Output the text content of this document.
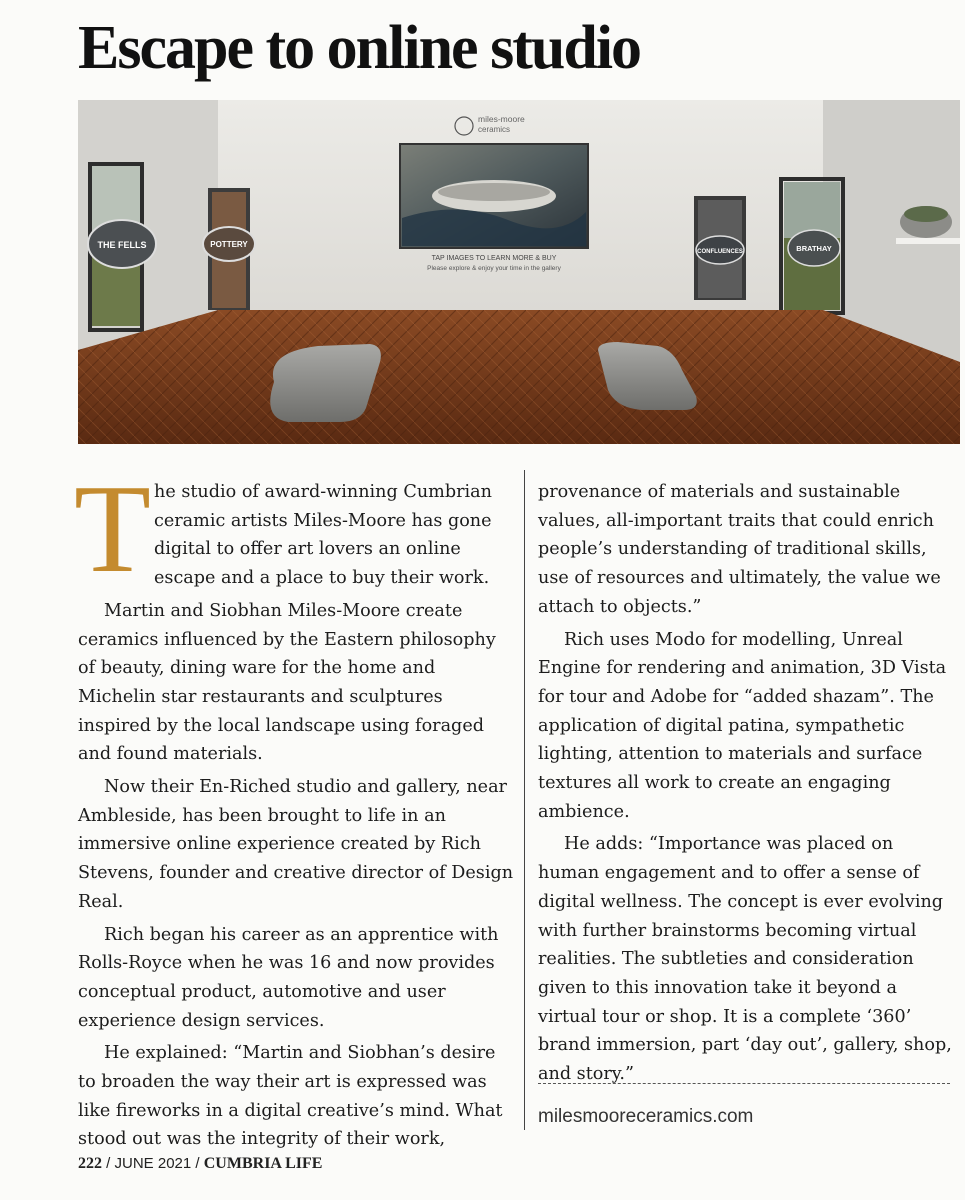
Escape to online studio
miles-moore
ceramics
TAP IMAGES TO LEARN MORE & BUY
Please explore & enjoy your time in the gallery
THE FELLS	POTTERY
CONFLUENCES	BRATHAY

The studio of award-winning Cumbrian ceramic artists Miles-Moore has gone digital to offer art lovers an online escape and a place to buy their work.

Martin and Siobhan Miles-Moore create ceramics influenced by the Eastern philosophy of beauty, dining ware for the home and Michelin star restaurants and sculptures inspired by the local landscape using foraged and found materials.

Now their En-Riched studio and gallery, near Ambleside, has been brought to life in an immersive online experience created by Rich Stevens, founder and creative director of Design Real.

Rich began his career as an apprentice with Rolls-Royce when he was 16 and now provides conceptual product, automotive and user experience design services.

He explained: “Martin and Siobhan’s desire to broaden the way their art is expressed was like fireworks in a digital creative’s mind. What stood out was the integrity of their work,

provenance of materials and sustainable values, all-important traits that could enrich people’s understanding of traditional skills, use of resources and ultimately, the value we attach to objects.”

Rich uses Modo for modelling, Unreal Engine for rendering and animation, 3D Vista for tour and Adobe for “added shazam”. The application of digital patina, sympathetic lighting, attention to materials and surface textures all work to create an engaging ambience.

He adds: “Importance was placed on human engagement and to offer a sense of digital wellness. The concept is ever evolving with further brainstorms becoming virtual realities. The subtleties and consideration given to this innovation take it beyond a virtual tour or shop. It is a complete ‘360’ brand immersion, part ‘day out’, gallery, shop, and story.”

milesmooreceramics.com
222 / JUNE 2021 / CUMBRIA LIFE
